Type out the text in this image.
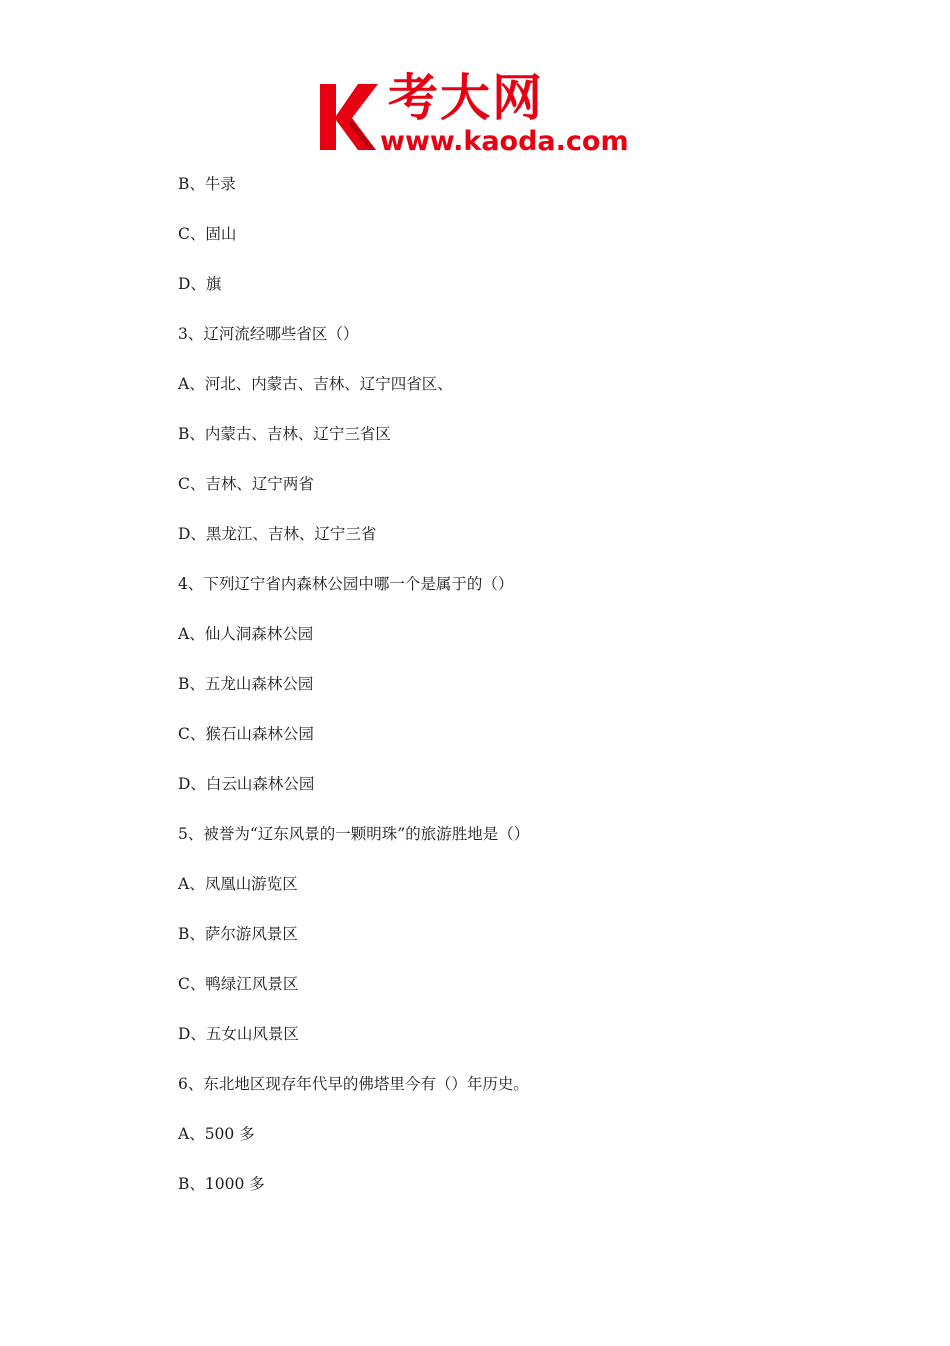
考大网
www.kaoda.com
B、牛录
C、固山
D、旗
3、辽河流经哪些省区（）
A、河北、内蒙古、吉林、辽宁四省区、
B、内蒙古、吉林、辽宁三省区
C、吉林、辽宁两省
D、黑龙江、吉林、辽宁三省
4、下列辽宁省内森林公园中哪一个是属于的（）
A、仙人洞森林公园
B、五龙山森林公园
C、猴石山森林公园
D、白云山森林公园
5、被誉为“辽东风景的一颗明珠”的旅游胜地是（）
A、凤凰山游览区
B、萨尔游风景区
C、鸭绿江风景区
D、五女山风景区
6、东北地区现存年代早的佛塔里今有（）年历史。
A、500 多
B、1000 多
